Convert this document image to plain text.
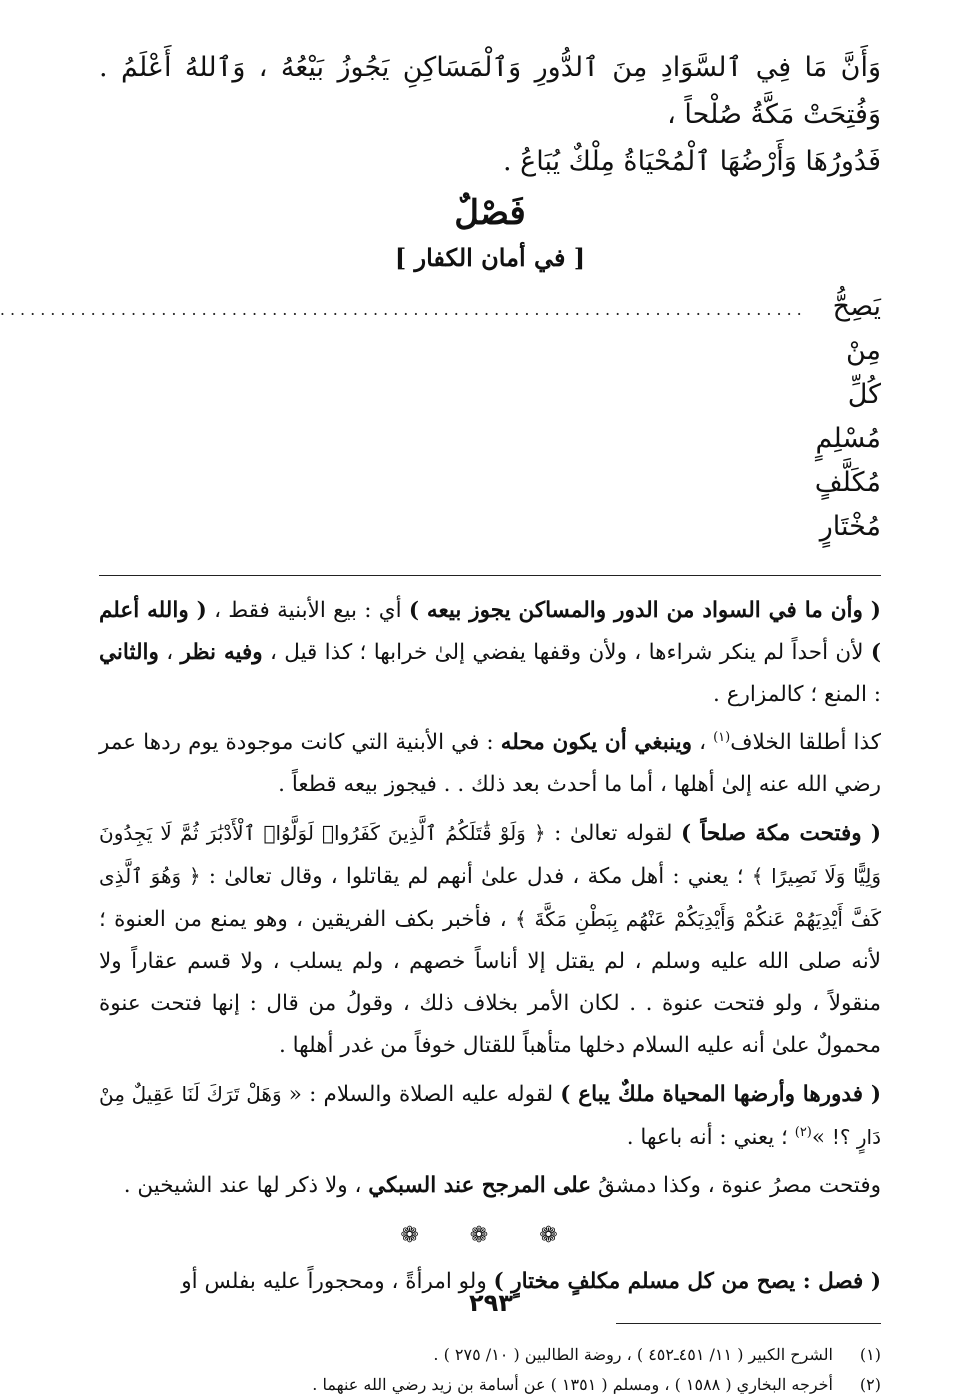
وَأَنَّ مَا فِي ٱلسَّوَادِ مِنَ ٱلدُّورِ وَٱلْمَسَاكِنِ يَجُوزُ بَيْعُهُ ، وَٱللهُ أَعْلَمُ . وَفُتِحَتْ مَكَّةُ صُلْحاً ،

فَدُورُهَا وَأَرْضُهَا ٱلْمُحْيَاةُ مِلْكٌ يُبَاعُ .

فَصْلٌ
[ في أمان الكفار ]
يَصِحُّ مِنْ كُلِّ مُسْلِمٍ مُكَلَّفٍ مُخْتَارٍ
................................................................................

( وأن ما في السواد من الدور والمساكن يجوز بيعه ) أي : بيع الأبنية فقط ، ( والله أعلم ) لأن أحداً لم ينكر شراءها ، ولأن وقفها يفضي إلىٰ خرابها ؛ كذا قيل ، وفيه نظر ، والثاني : المنع ؛ كالمزارع .

كذا أطلقا الخلاف$^{(١)}$ ، وينبغي أن يكون محله : في الأبنية التي كانت موجودة يوم ردها عمر رضي الله عنه إلىٰ أهلها ، أما ما أحدث بعد ذلك . . فيجوز بيعه قطعاً .

( وفتحت مكة صلحاً ) لقوله تعالىٰ : ﴿ وَلَوْ قَٰتَلَكُمُ ٱلَّذِينَ كَفَرُوا۟ لَوَلَّوُا۟ ٱلْأَدْبَٰرَ ثُمَّ لَا يَجِدُونَ وَلِيًّا وَلَا نَصِيرًا ﴾ ؛ يعني : أهل مكة ، فدل علىٰ أنهم لم يقاتلوا ، وقال تعالىٰ : ﴿ وَهُوَ ٱلَّذِى كَفَّ أَيْدِيَهُمْ عَنكُمْ وَأَيْدِيَكُمْ عَنْهُم بِبَطْنِ مَكَّةَ ﴾ ، فأخبر بكف الفريقين ، وهو يمنع من العنوة ؛ لأنه صلى الله عليه وسلم ، لم يقتل إلا أناساً خصهم ، ولم يسلب ، ولا قسم عقاراً ولا منقولاً ، ولو فتحت عنوة . . لكان الأمر بخلاف ذلك ، وقولُ من قال : إنها فتحت عنوة محمولٌ علىٰ أنه عليه السلام دخلها متأهباً للقتال خوفاً من غدر أهلها .

( فدورها وأرضها المحياة ملكٌ يباع ) لقوله عليه الصلاة والسلام : « وَهَلْ تَرَكَ لَنَا عَقِيلٌ مِنْ دَارٍ ؟! »$^{(٢)}$ ؛ يعني : أنه باعها .

وفتحت مصرُ عنوة ، وكذا دمشقُ على المرجح عند السبكي ، ولا ذكر لها عند الشيخين .

❁ ❁ ❁

( فصل : يصح من كل مسلم مكلفٍ مختارٍ ) ولو امرأةً ، ومحجوراً عليه بفلس أو

(١)
الشرح الكبير ( ١١/ ٤٥١ـ٤٥٢ ) ، روضة الطالبين ( ١٠/ ٢٧٥ ) .

(٢)
أخرجه البخاري ( ١٥٨٨ ) ، ومسلم ( ١٣٥١ ) عن أسامة بن زيد رضي الله عنهما .

٢٩٣
